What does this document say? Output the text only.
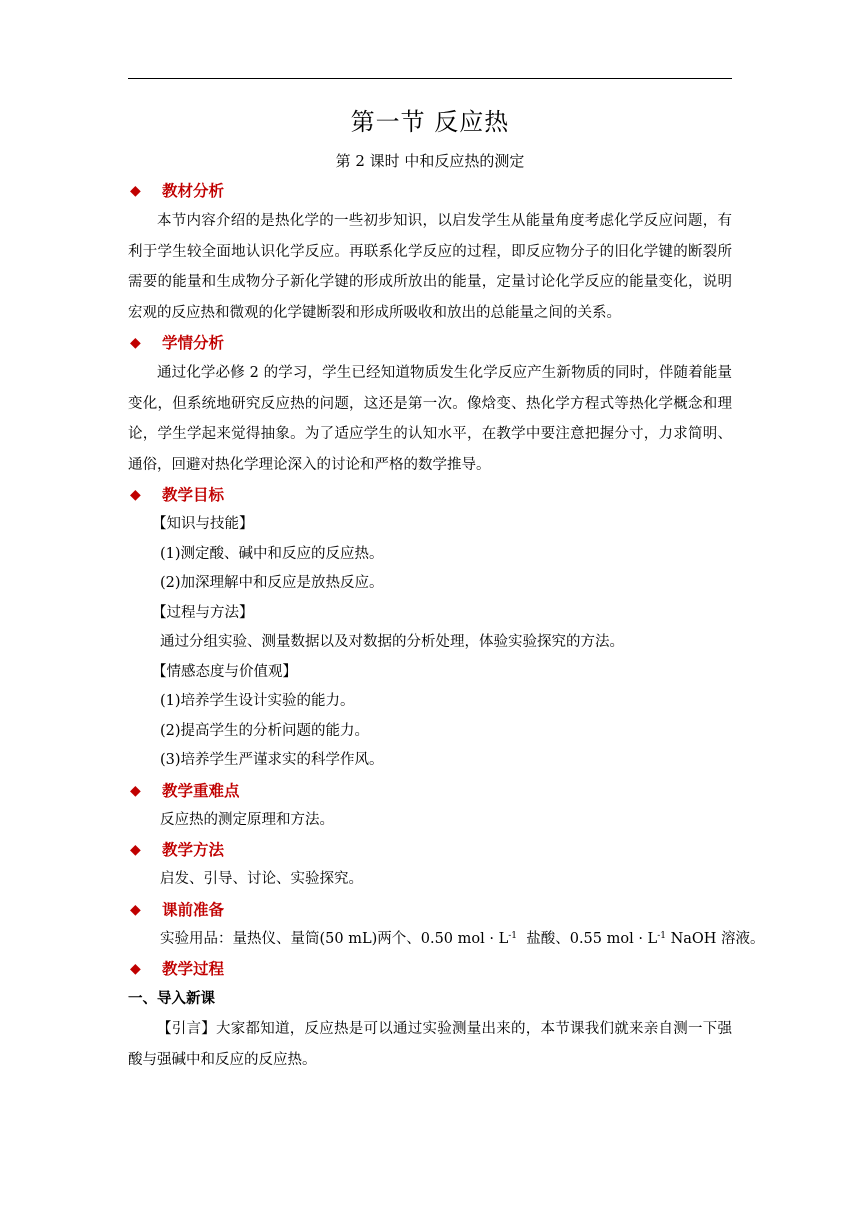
第一节 反应热
第 2 课时 中和反应热的测定
◆	教材分析

本节内容介绍的是热化学的一些初步知识，以启发学生从能量角度考虑化学反应问题，有利于学生较全面地认识化学反应。再联系化学反应的过程，即反应物分子的旧化学键的断裂所需要的能量和生成物分子新化学键的形成所放出的能量，定量讨论化学反应的能量变化，说明宏观的反应热和微观的化学键断裂和形成所吸收和放出的总能量之间的关系。

◆	学情分析

通过化学必修 2 的学习，学生已经知道物质发生化学反应产生新物质的同时，伴随着能量变化，但系统地研究反应热的问题，这还是第一次。像焓变、热化学方程式等热化学概念和理论，学生学起来觉得抽象。为了适应学生的认知水平，在教学中要注意把握分寸，力求简明、通俗，回避对热化学理论深入的讨论和严格的数学推导。

◆	教学目标
【知识与技能】
(1)测定酸、碱中和反应的反应热。
(2)加深理解中和反应是放热反应。
【过程与方法】
通过分组实验、测量数据以及对数据的分析处理，体验实验探究的方法。
【情感态度与价值观】
(1)培养学生设计实验的能力。
(2)提高学生的分析问题的能力。
(3)培养学生严谨求实的科学作风。
◆	教学重难点
反应热的测定原理和方法。
◆	教学方法
启发、引导、讨论、实验探究。
◆	课前准备
实验用品：量热仪、量筒(50 mL)两个、0.50 mol · $L^{-1}$  盐酸、0.55 mol · $L^{-1}$ NaOH 溶液。
◆	教学过程
一、导入新课

【引言】大家都知道，反应热是可以通过实验测量出来的，本节课我们就来亲自测一下强酸与强碱中和反应的反应热。
